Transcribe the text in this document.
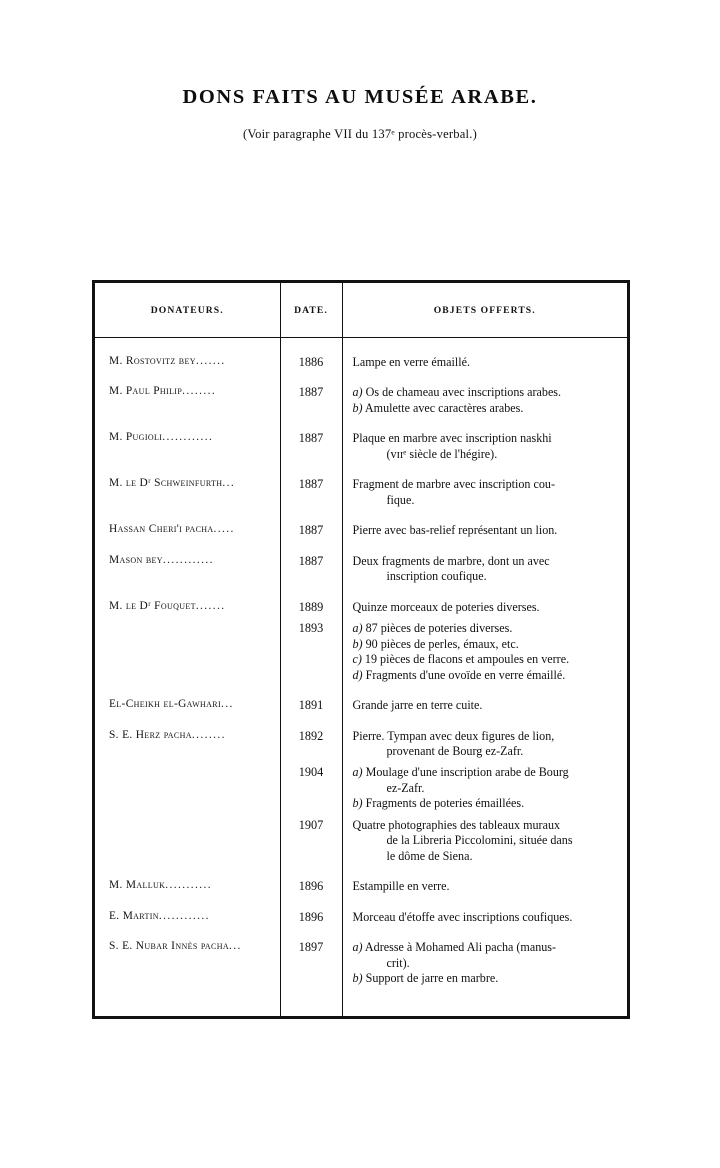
DONS FAITS AU MUSÉE ARABE.
(Voir paragraphe VII du 137ᵉ procès-verbal.)
DONATEURS.	DATE.	OBJETS OFFERTS.

M. Rostovitz bey.......	1886	Lampe en verre émaillé.

M. Paul Philip........	1887	a) Os de chameau avec inscriptions arabes.
b) Amulette avec caractères arabes.

M. Pugioli............	1887	Plaque en marbre avec inscription naskhi
(vɪɪᵉ siècle de l'hégire).

M. le Dʳ Schweinfurth...	1887	Fragment de marbre avec inscription cou-
fique.

Hassan Cheri'i pacha.....	1887	Pierre avec bas-relief représentant un lion.

Mason bey............	1887	Deux fragments de marbre, dont un avec
inscription coufique.

M. le Dʳ Fouquet.......	1889	Quinze morceaux de poteries diverses.

	1893	a) 87 pièces de poteries diverses.
b) 90 pièces de perles, émaux, etc.
c) 19 pièces de flacons et ampoules en verre.
d) Fragments d'une ovoïde en verre émaillé.

El-Cheikh el-Gawhari...	1891	Grande jarre en terre cuite.

S. E. Herz pacha........	1892	Pierre. Tympan avec deux figures de lion,
provenant de Bourg ez-Zafr.

	1904	a) Moulage d'une inscription arabe de Bourg
ez-Zafr.
b) Fragments de poteries émaillées.

	1907	Quatre photographies des tableaux muraux
de la Libreria Piccolomini, située dans
le dôme de Siena.

M. Malluk...........	1896	Estampille en verre.

E. Martin............	1896	Morceau d'étoffe avec inscriptions coufiques.

S. E. Nubar Innès pacha...	1897	a) Adresse à Mohamed Ali pacha (manus-
crit).
b) Support de jarre en marbre.
